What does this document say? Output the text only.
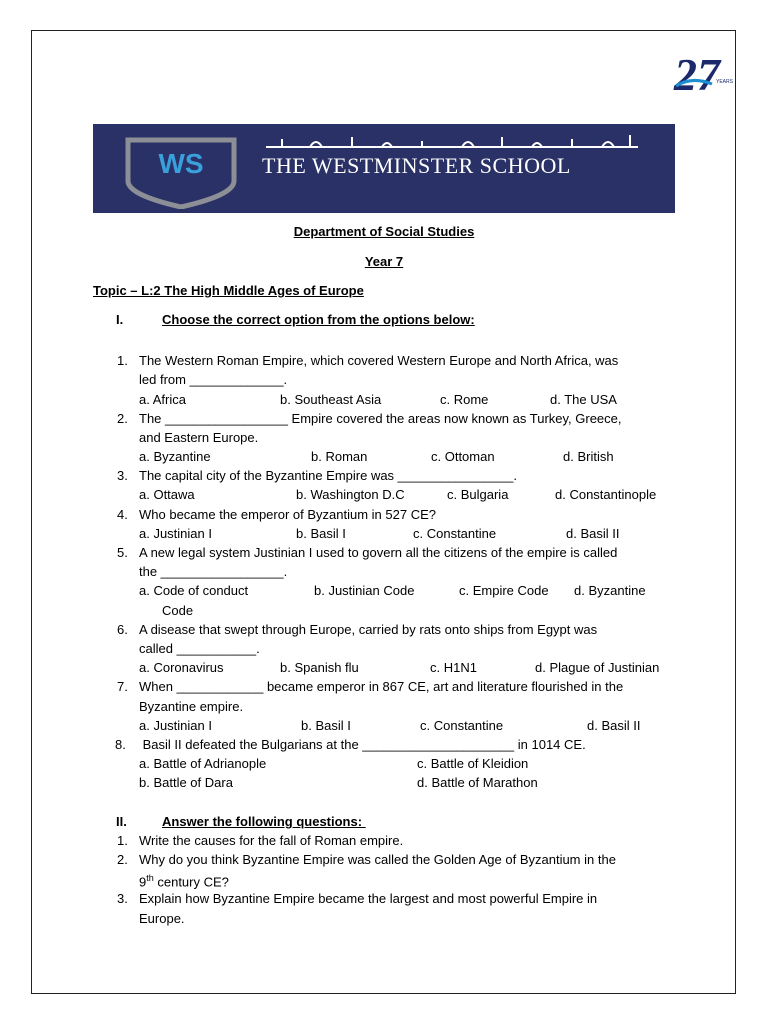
27
YEARS
WS	THE WESTMINSTER SCHOOL
Department of Social Studies
Year 7
Topic – L:2 The High Middle Ages of Europe
I.	Choose the correct option from the options below:
1. The Western Roman Empire, which covered Western Europe and North Africa, was
led from _____________.
a. Africa	b. Southeast Asia	c. Rome	d. The USA
2. The _________________ Empire covered the areas now known as Turkey, Greece,
and Eastern Europe.
a. Byzantine	b. Roman	c. Ottoman	d. British
3. The capital city of the Byzantine Empire was ________________.
a. Ottawa	b. Washington D.C	c. Bulgaria	d. Constantinople
4. Who became the emperor of Byzantium in 527 CE?
a. Justinian I	b. Basil I	c. Constantine	d. Basil II
5. A new legal system Justinian I used to govern all the citizens of the empire is called
the _________________.
a. Code of conduct	b. Justinian Code	c. Empire Code d. Byzantine
Code
6. A disease that swept through Europe, carried by rats onto ships from Egypt was
called ___________.
a. Coronavirus	b. Spanish flu	c. H1N1	d. Plague of Justinian
7. When ____________ became emperor in 867 CE, art and literature flourished in the
Byzantine empire.
a. Justinian I	b. Basil I	c. Constantine	d. Basil II
8. Basil II defeated the Bulgarians at the _____________________ in 1014 CE.
a. Battle of Adrianople	c. Battle of Kleidion
b. Battle of Dara	d. Battle of Marathon
II.	Answer the following questions:
1. Write the causes for the fall of Roman empire.
2. Why do you think Byzantine Empire was called the Golden Age of Byzantium in the
9th century CE?
3. Explain how Byzantine Empire became the largest and most powerful Empire in
Europe.
